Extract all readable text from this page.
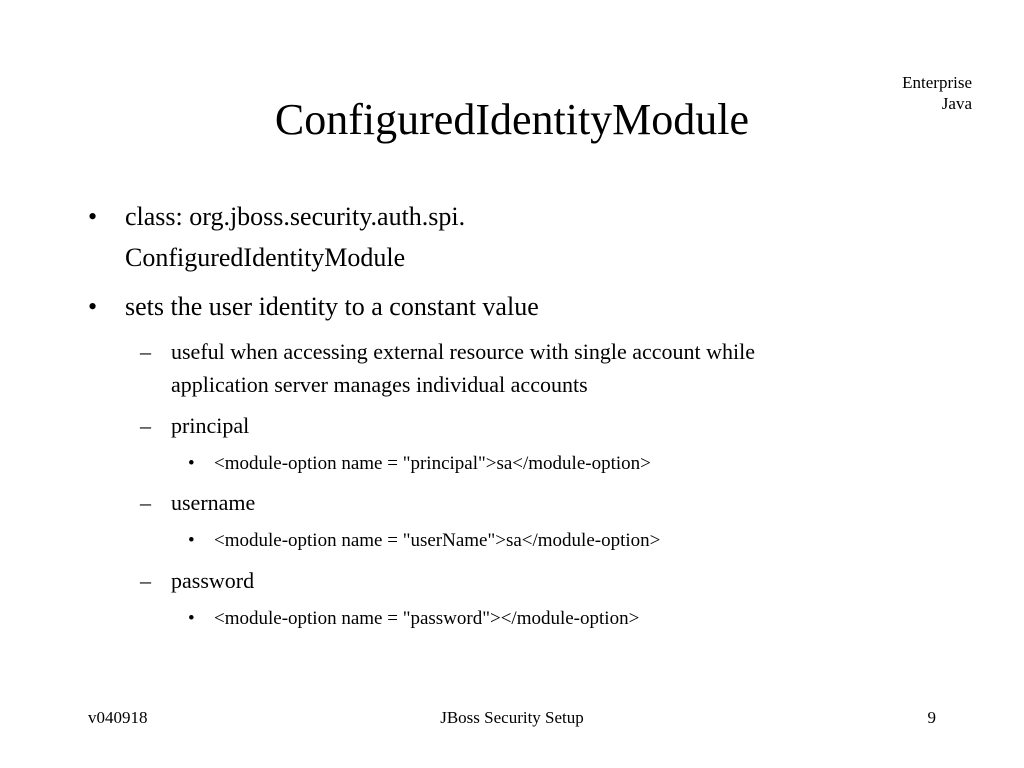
Enterprise
Java
ConfiguredIdentityModule
• class: org.jboss.security.auth.spi.
ConfiguredIdentityModule
• sets the user identity to a constant value
– useful when accessing external resource with single account while
application server manages individual accounts
– principal
• <module-option name = "principal">sa</module-option>
– username
• <module-option name = "userName">sa</module-option>
– password
• <module-option name = "password"></module-option>
v040918	JBoss Security Setup	9
